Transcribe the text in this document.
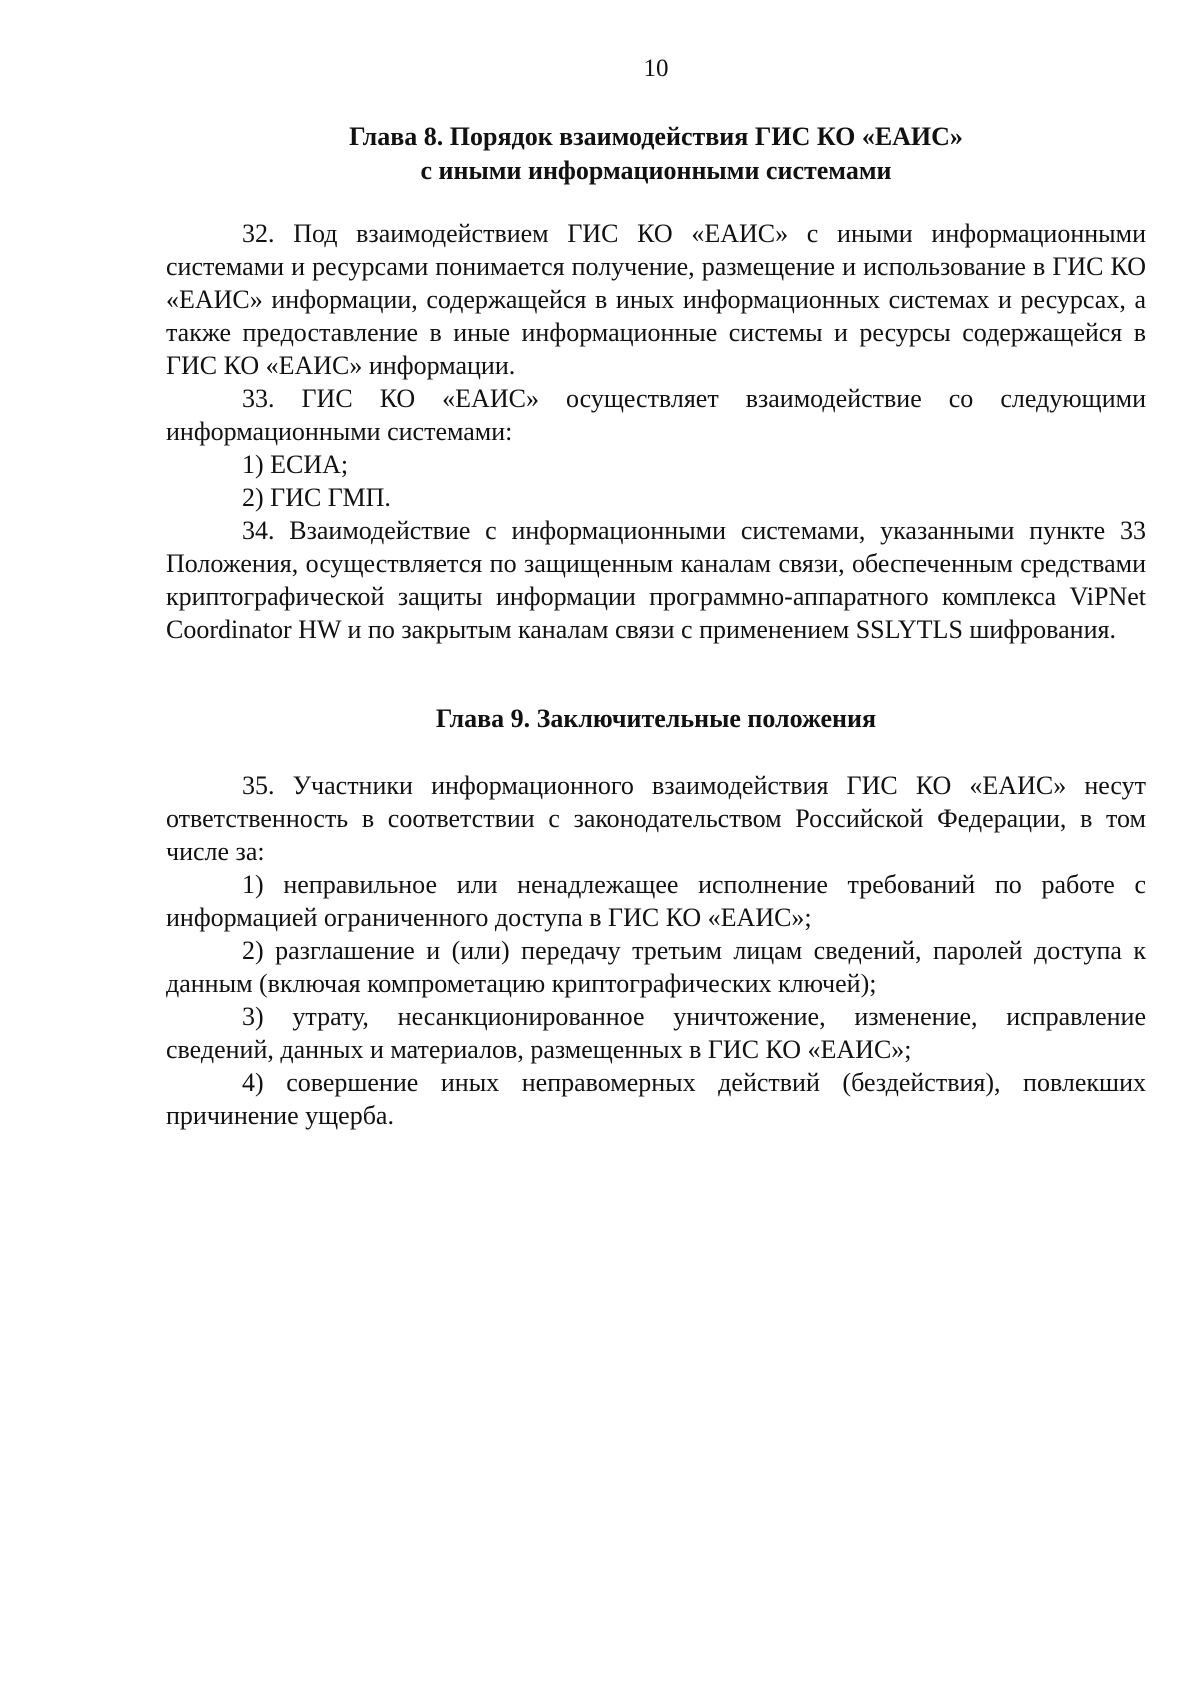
10
Глава 8. Порядок взаимодействия ГИС КО «ЕАИС»
с иными информационными системами

32. Под взаимодействием ГИС КО «ЕАИС» с иными информационными системами и ресурсами понимается получение, размещение и использование в ГИС КО «ЕАИС» информации, содержащейся в иных информационных системах и ресурсах, а также предоставление в иные информационные системы и ресурсы содержащейся в ГИС КО «ЕАИС» информации.

33. ГИС КО «ЕАИС» осуществляет взаимодействие со следующими информационными системами:

1) ЕСИА;

2) ГИС ГМП.

34. Взаимодействие с информационными системами, указанными пункте 33 Положения, осуществляется по защищенным каналам связи, обеспеченным средствами криптографической защиты информации программно-аппаратного комплекса ViPNet Coordinator HW и по закрытым каналам связи с применением SSLYTLS шифрования.

Глава 9. Заключительные положения

35. Участники информационного взаимодействия ГИС КО «ЕАИС» несут ответственность в соответствии с законодательством Российской Федерации, в том числе за:

1) неправильное или ненадлежащее исполнение требований по работе с информацией ограниченного доступа в ГИС КО «ЕАИС»;

2) разглашение и (или) передачу третьим лицам сведений, паролей доступа к данным (включая компрометацию криптографических ключей);

3) утрату, несанкционированное уничтожение, изменение, исправление сведений, данных и материалов, размещенных в ГИС КО «ЕАИС»;

4) совершение иных неправомерных действий (бездействия), повлекших причинение ущерба.
